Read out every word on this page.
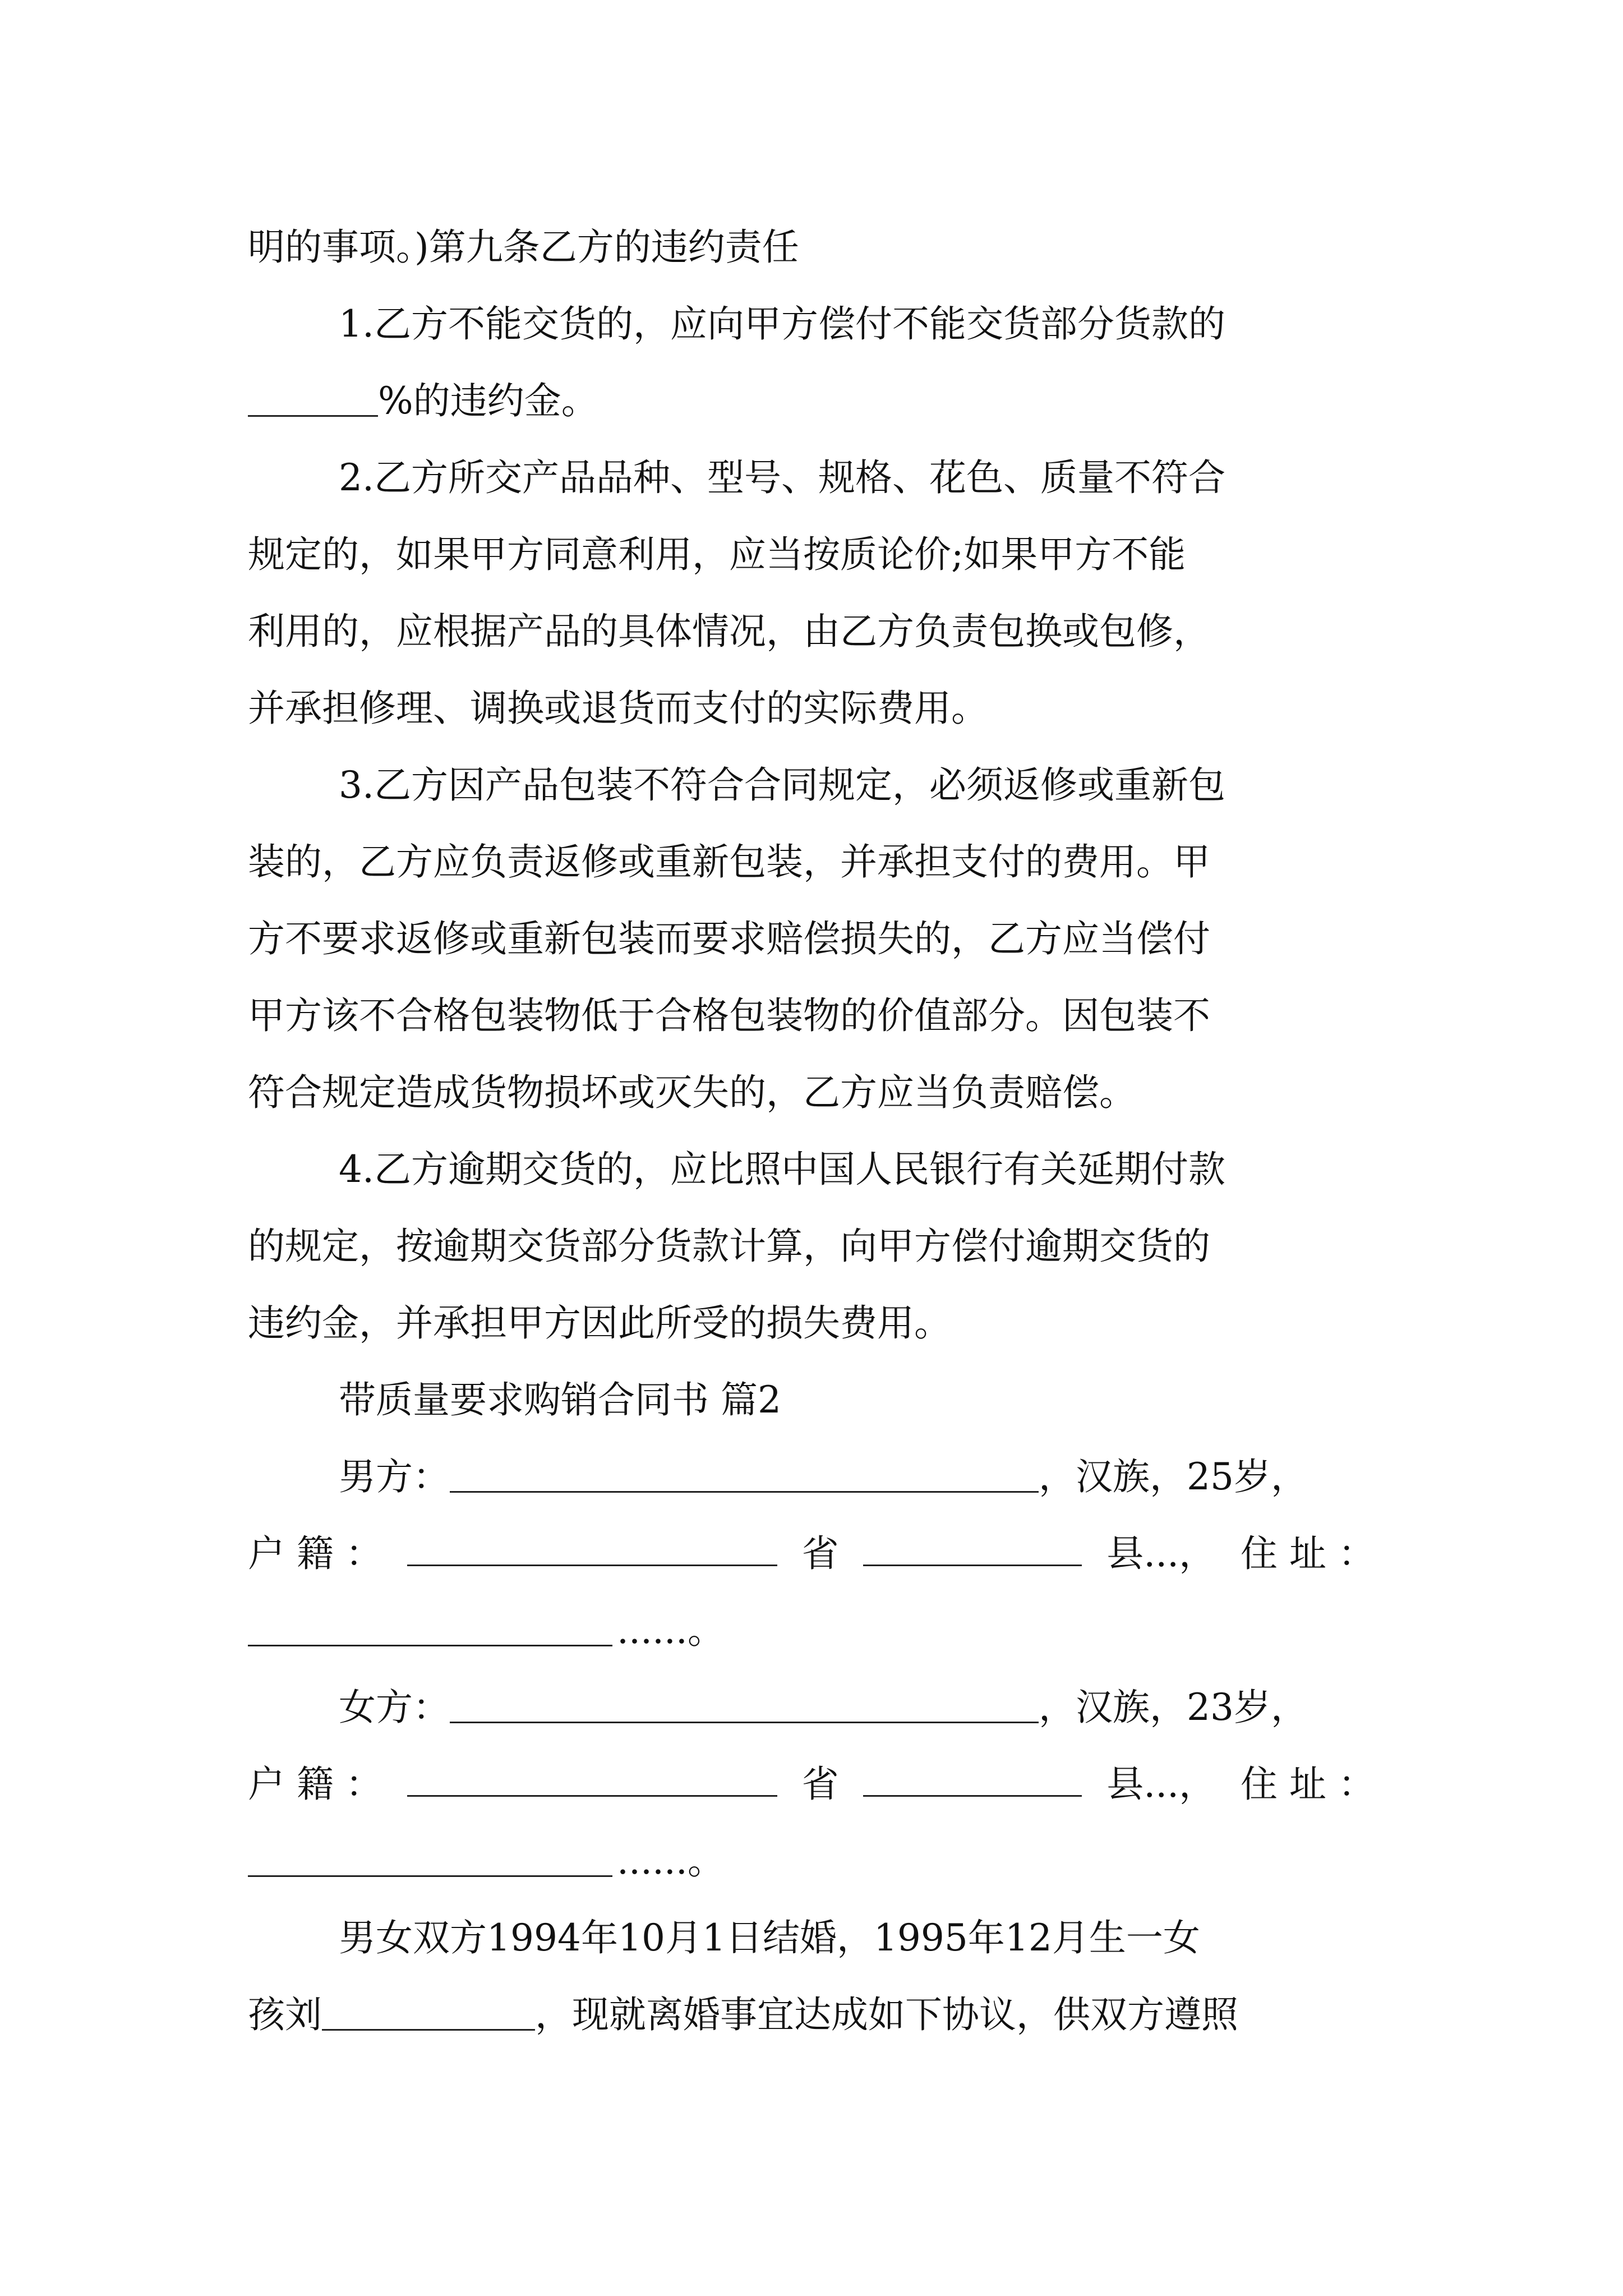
明的事项。)第九条乙方的违约责任
1.乙方不能交货的，应向甲方偿付不能交货部分货款的
%的违约金。
2.乙方所交产品品种、型号、规格、花色、质量不符合
规定的，如果甲方同意利用，应当按质论价;如果甲方不能
利用的，应根据产品的具体情况，由乙方负责包换或包修，
并承担修理、调换或退货而支付的实际费用。
3.乙方因产品包装不符合合同规定，必须返修或重新包
装的，乙方应负责返修或重新包装，并承担支付的费用。甲
方不要求返修或重新包装而要求赔偿损失的，乙方应当偿付
甲方该不合格包装物低于合格包装物的价值部分。因包装不
符合规定造成货物损坏或灭失的，乙方应当负责赔偿。
4.乙方逾期交货的，应比照中国人民银行有关延期付款
的规定，按逾期交货部分货款计算，向甲方偿付逾期交货的
违约金，并承担甲方因此所受的损失费用。
带质量要求购销合同书 篇2
男方：	，汉族，25岁，
户 籍 ：	省	县...， 住 址 ：
......。
女方：	，汉族，23岁，
户 籍 ：	省	县...， 住 址 ：
......。
男女双方1994年10月1日结婚，1995年12月生一女
孩刘	，现就离婚事宜达成如下协议，供双方遵照
